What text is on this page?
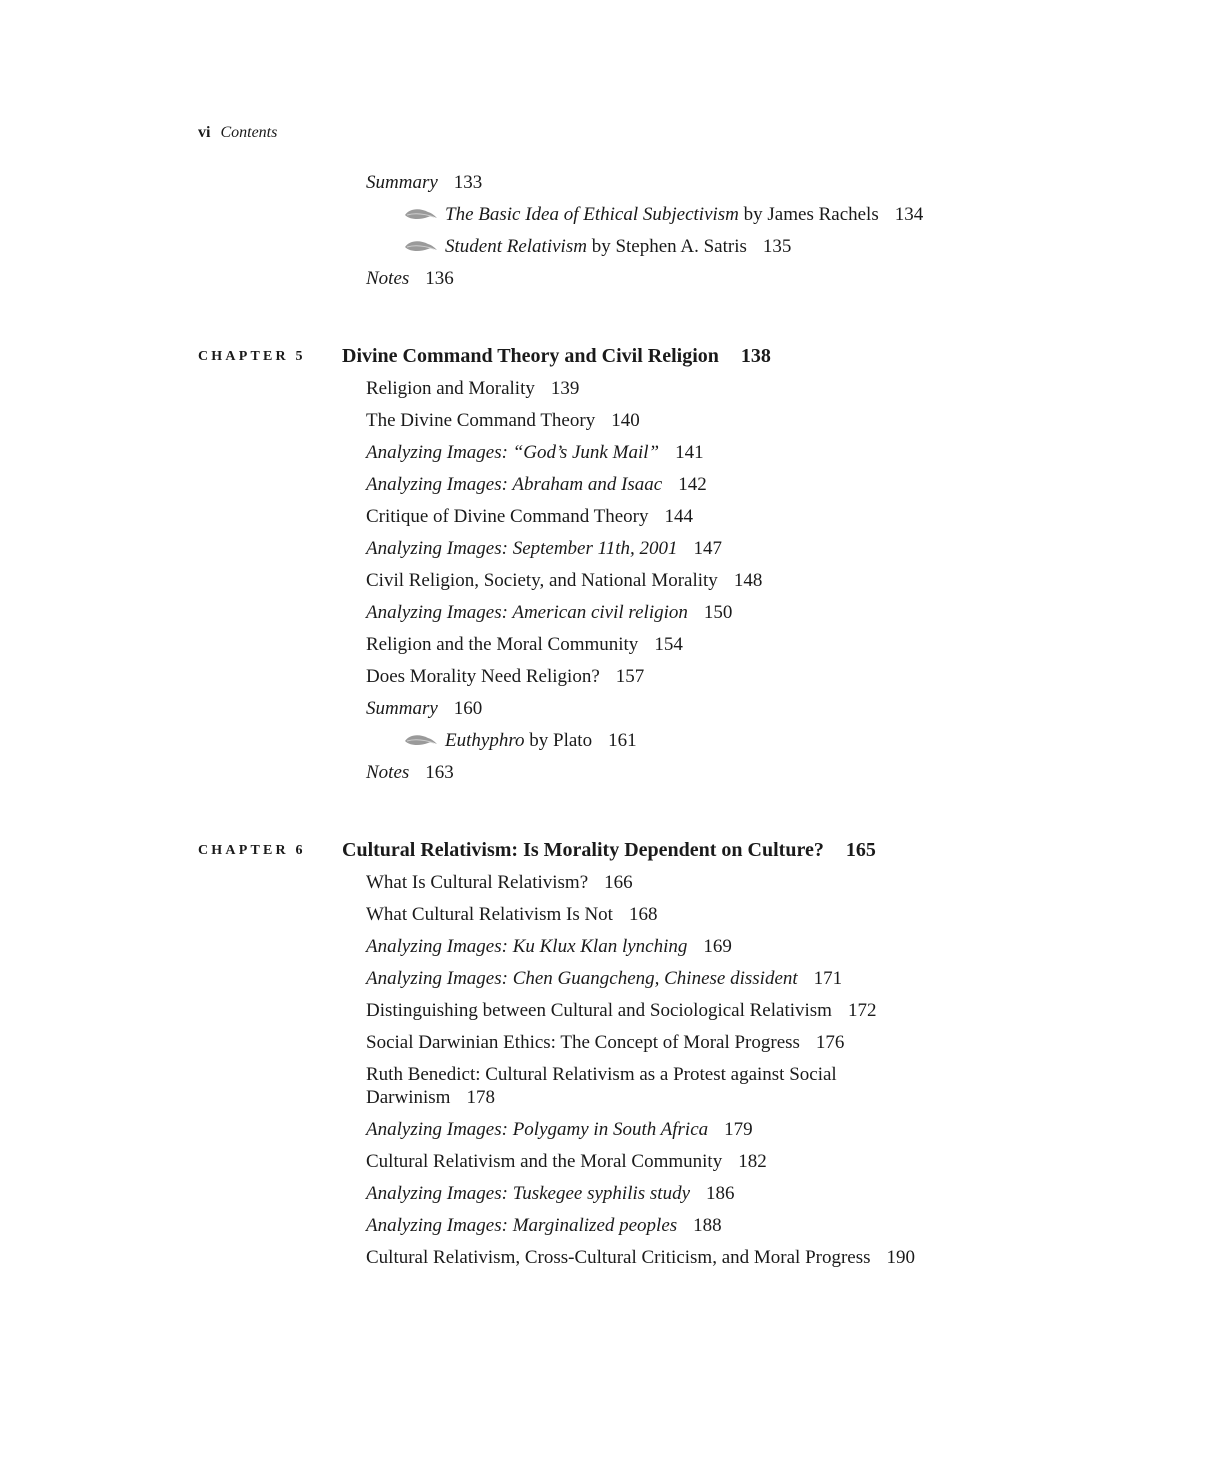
vi Contents
Summary 133
The Basic Idea of Ethical Subjectivism by James Rachels 134
Student Relativism by Stephen A. Satris 135
Notes 136
CHAPTER 5 Divine Command Theory and Civil Religion 138
Religion and Morality 139
The Divine Command Theory 140
Analyzing Images: “God’s Junk Mail” 141
Analyzing Images: Abraham and Isaac 142
Critique of Divine Command Theory 144
Analyzing Images: September 11th, 2001 147
Civil Religion, Society, and National Morality 148
Analyzing Images: American civil religion 150
Religion and the Moral Community 154
Does Morality Need Religion? 157
Summary 160
Euthyphro by Plato 161
Notes 163
CHAPTER 6 Cultural Relativism: Is Morality Dependent on Culture? 165
What Is Cultural Relativism? 166
What Cultural Relativism Is Not 168
Analyzing Images: Ku Klux Klan lynching 169
Analyzing Images: Chen Guangcheng, Chinese dissident 171
Distinguishing between Cultural and Sociological Relativism 172
Social Darwinian Ethics: The Concept of Moral Progress 176
Ruth Benedict: Cultural Relativism as a Protest against Social Darwinism 178
Analyzing Images: Polygamy in South Africa 179
Cultural Relativism and the Moral Community 182
Analyzing Images: Tuskegee syphilis study 186
Analyzing Images: Marginalized peoples 188
Cultural Relativism, Cross-Cultural Criticism, and Moral Progress 190
